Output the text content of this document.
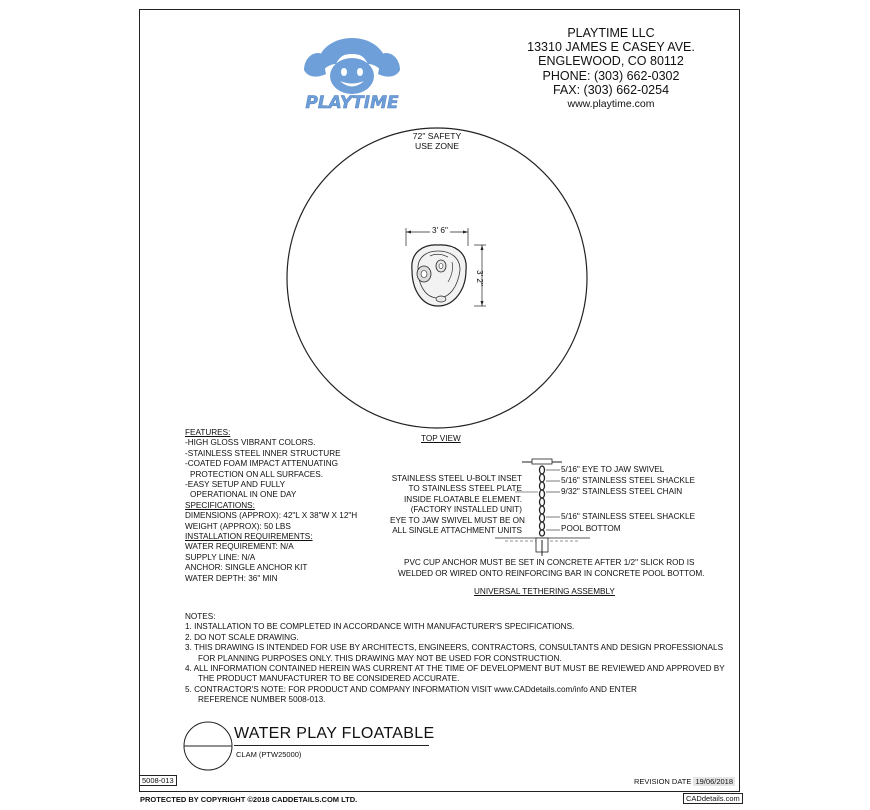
PLAYTIME
PLAYTIME LLC
13310 JAMES E CASEY AVE.
ENGLEWOOD, CO 80112
PHONE: (303) 662-0302
FAX: (303) 662-0254
www.playtime.com
72" SAFETY
USE ZONE
3' 6"
3' 2"
TOP VIEW
FEATURES:
-HIGH GLOSS VIBRANT COLORS.
-STAINLESS STEEL INNER STRUCTURE
-COATED FOAM IMPACT ATTENUATING
PROTECTION ON ALL SURFACES.
-EASY SETUP AND FULLY
OPERATIONAL IN ONE DAY
SPECIFICATIONS:
DIMENSIONS (APPROX): 42"L X 38"W X 12"H
WEIGHT (APPROX): 50 LBS
INSTALLATION REQUIREMENTS:
WATER REQUIREMENT: N/A
SUPPLY LINE: N/A
ANCHOR: SINGLE ANCHOR KIT
WATER DEPTH: 36" MIN
STAINLESS STEEL U-BOLT INSET
TO STAINLESS STEEL PLATE
INSIDE FLOATABLE ELEMENT.
(FACTORY INSTALLED UNIT)
EYE TO JAW SWIVEL MUST BE ON
ALL SINGLE ATTACHMENT UNITS
5/16" EYE TO JAW SWIVEL
5/16" STAINLESS STEEL SHACKLE
9/32" STAINLESS STEEL CHAIN
5/16" STAINLESS STEEL SHACKLE
POOL BOTTOM
PVC CUP ANCHOR MUST BE SET IN CONCRETE AFTER 1/2" SLICK ROD IS
WELDED OR WIRED ONTO REINFORCING BAR IN CONCRETE POOL BOTTOM.
UNIVERSAL TETHERING ASSEMBLY
NOTES:
1. INSTALLATION TO BE COMPLETED IN ACCORDANCE WITH MANUFACTURER'S SPECIFICATIONS.
2. DO NOT SCALE DRAWING.
3. THIS DRAWING IS INTENDED FOR USE BY ARCHITECTS, ENGINEERS, CONTRACTORS, CONSULTANTS AND DESIGN PROFESSIONALS
FOR PLANNING PURPOSES ONLY. THIS DRAWING MAY NOT BE USED FOR CONSTRUCTION.
4. ALL INFORMATION CONTAINED HEREIN WAS CURRENT AT THE TIME OF DEVELOPMENT BUT MUST BE REVIEWED AND APPROVED BY
THE PRODUCT MANUFACTURER TO BE CONSIDERED ACCURATE.
5. CONTRACTOR'S NOTE: FOR PRODUCT AND COMPANY INFORMATION VISIT www.CADdetails.com/info AND ENTER
REFERENCE NUMBER 5008-013.
WATER PLAY FLOATABLE
CLAM (PTW25000)
5008-013	REVISION DATE 19/06/2018
PROTECTED BY COPYRIGHT ©2018 CADDETAILS.COM LTD.	CADdetails.com
